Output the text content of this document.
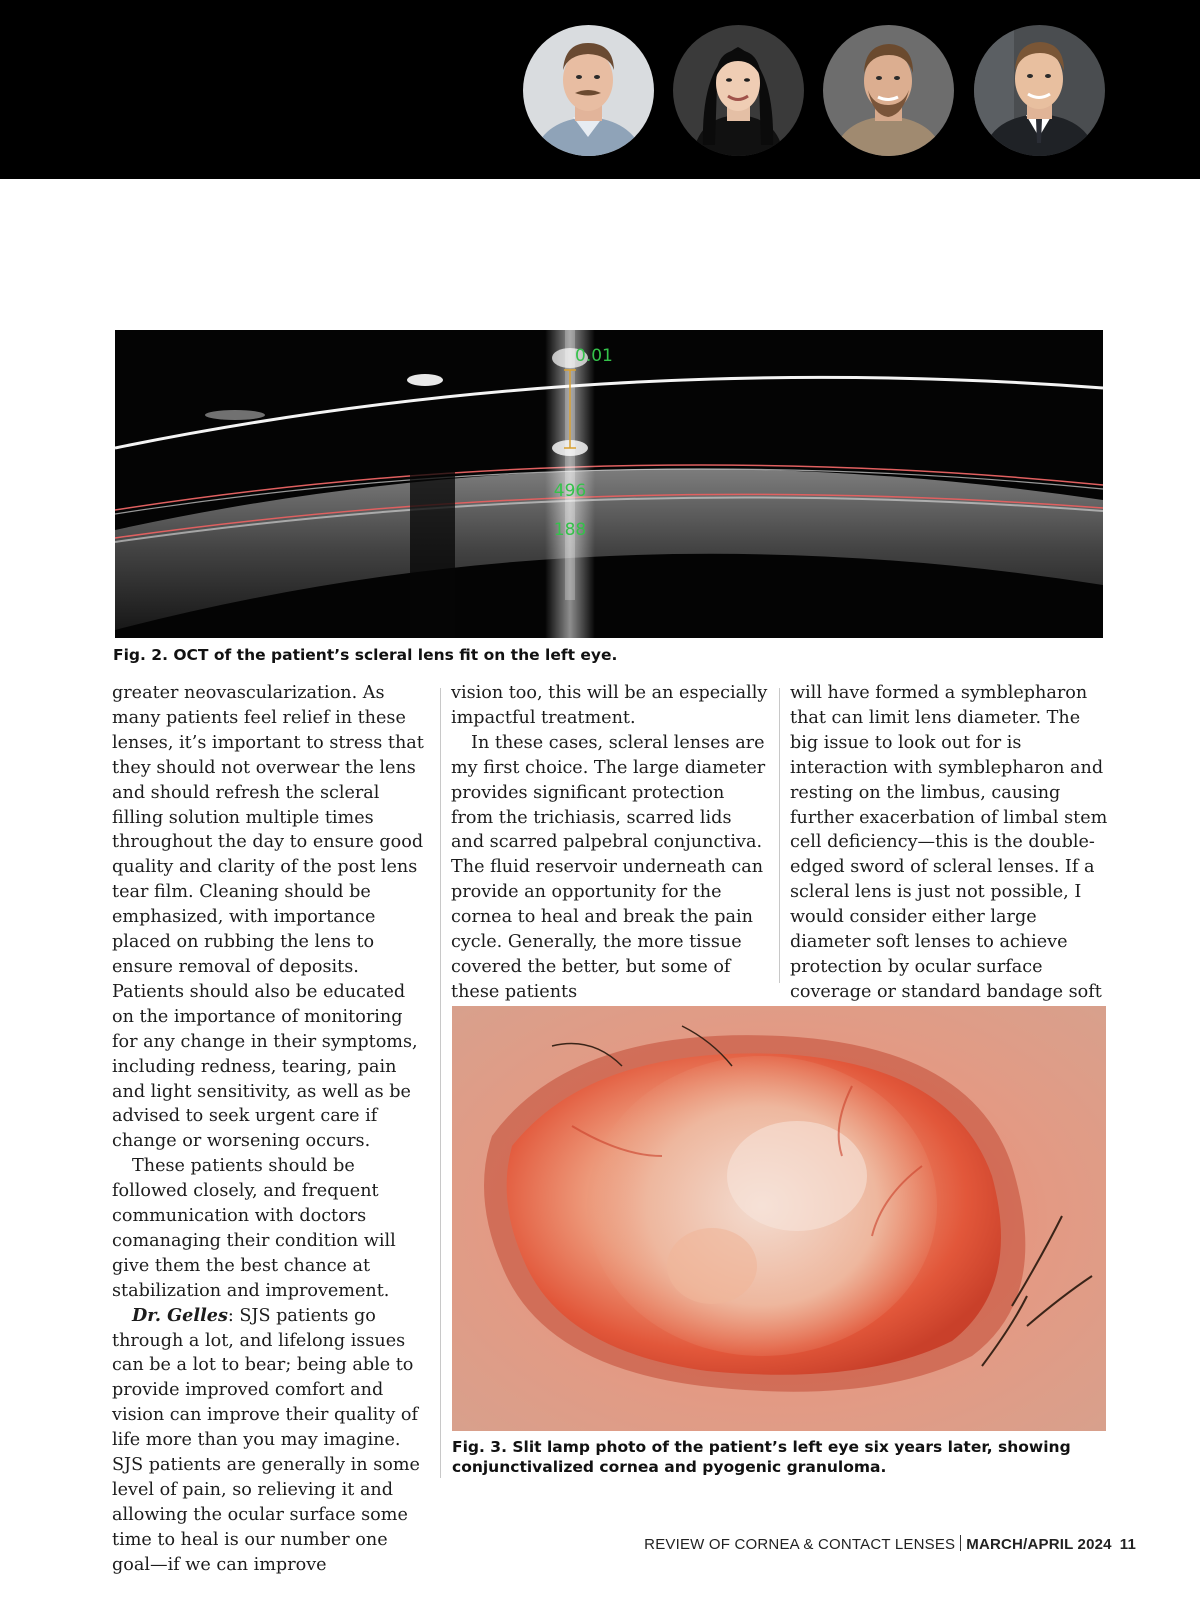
0.01
496
188
Fig. 2. OCT of the patient’s scleral lens fit on the left eye.

greater neovascularization. As many patients feel relief in these lenses, it’s important to stress that they should not overwear the lens and should refresh the scleral filling solution multiple times throughout the day to ensure good quality and clarity of the post lens tear film. Cleaning should be emphasized, with importance placed on rubbing the lens to ensure removal of deposits. Patients should also be educated on the importance of monitoring for any change in their symptoms, including redness, tearing, pain and light sensitivity, as well as be advised to seek urgent care if change or worsening occurs.

These patients should be followed closely, and frequent communication with doctors comanaging their condition will give them the best chance at stabilization and improvement.

Dr. Gelles: SJS patients go through a lot, and lifelong issues can be a lot to bear; being able to provide improved comfort and vision can improve their quality of life more than you may imagine. SJS patients are generally in some level of pain, so relieving it and allowing the ocular surface some time to heal is our number one goal—if we can improve

vision too, this will be an especially impactful treatment.

In these cases, scleral lenses are my first choice. The large diameter provides significant protection from the trichiasis, scarred lids and scarred palpebral conjunctiva. The fluid reservoir underneath can provide an opportunity for the cornea to heal and break the pain cycle. Generally, the more tissue covered the better, but some of these patients

will have formed a symblepharon that can limit lens diameter. The big issue to look out for is interaction with symblepharon and resting on the limbus, causing further exacerbation of limbal stem cell deficiency—this is the double-edged sword of scleral lenses. If a scleral lens is just not possible, I would consider either large diameter soft lenses to achieve protection by ocular surface coverage or standard bandage soft

Fig. 3. Slit lamp photo of the patient’s left eye six years later, showing conjunctivalized cornea and pyogenic granuloma.
REVIEW OF CORNEA & CONTACT LENSES MARCH/APRIL 2024 11
